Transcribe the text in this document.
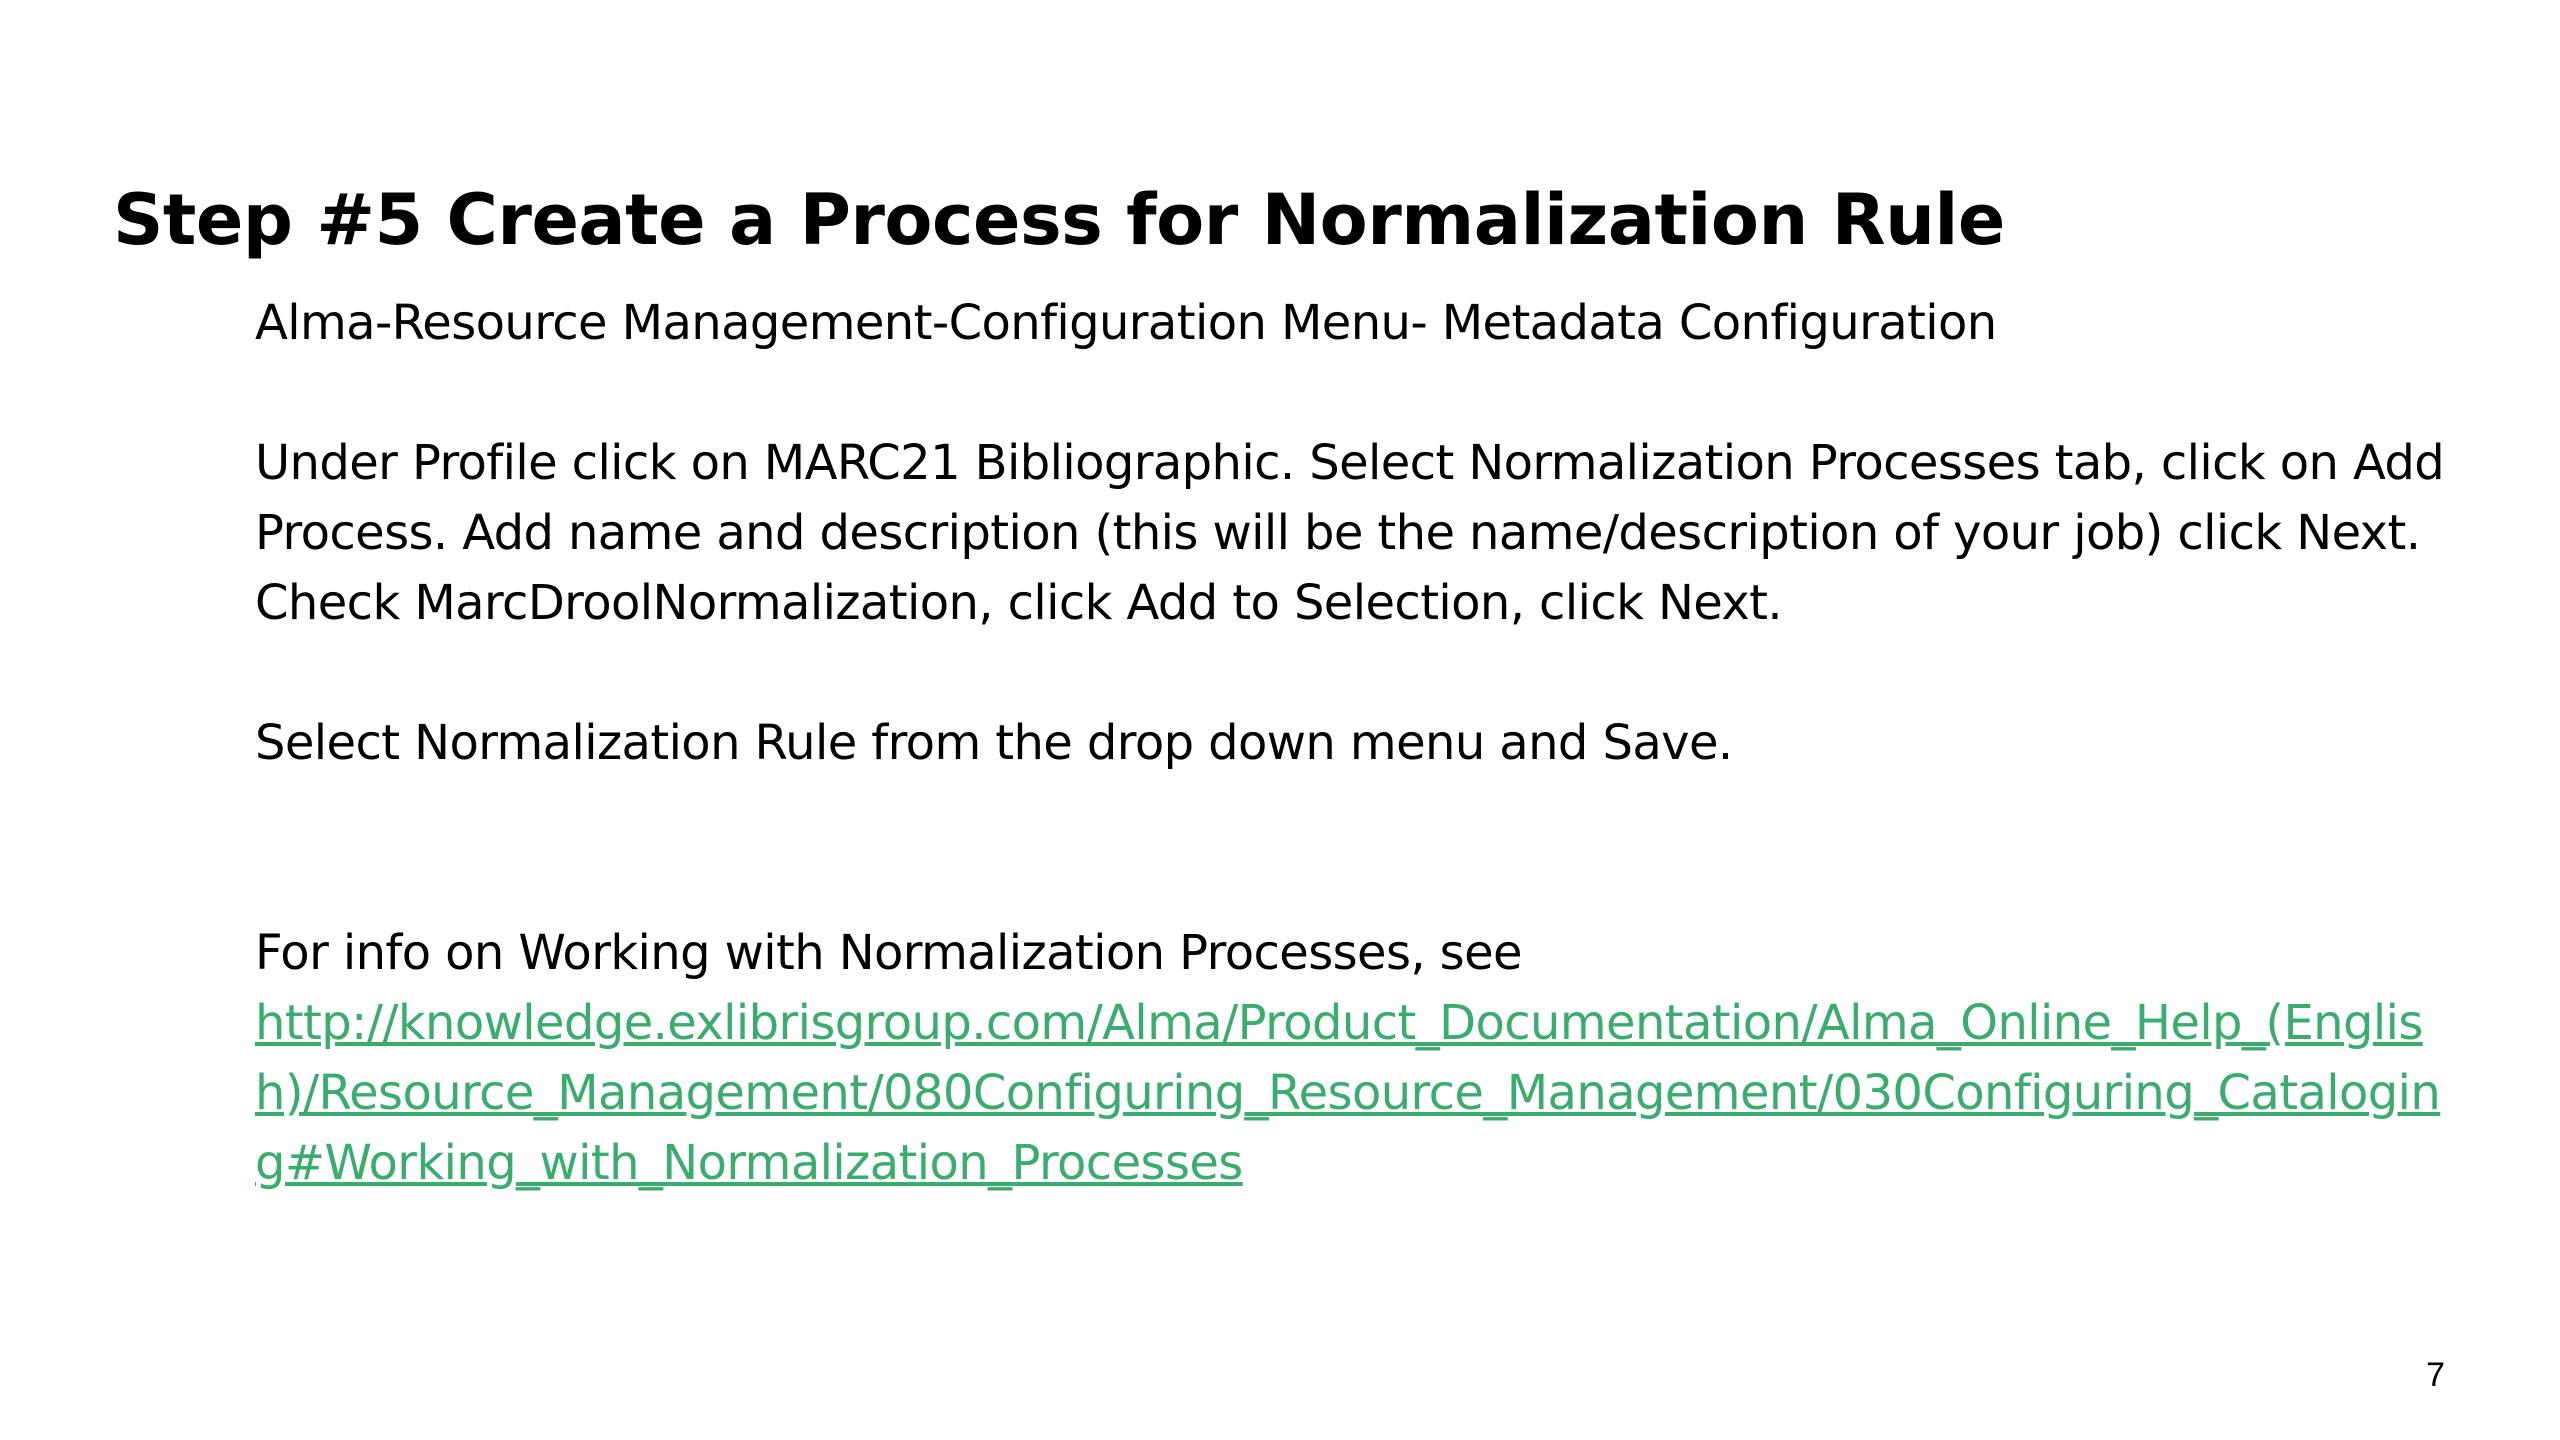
Step #5 Create a Process for Normalization Rule

Alma-Resource Management-Configuration Menu- Metadata Configuration

Under Profile click on MARC21 Bibliographic. Select Normalization Processes tab, click on Add Process. Add name and description (this will be the name/description of your job) click Next. Check MarcDroolNormalization, click Add to Selection, click Next.

Select Normalization Rule from the drop down menu and Save.

For info on Working with Normalization Processes, see

http://knowledge.exlibrisgroup.com/Alma/Product_Documentation/Alma_Online_Help_(English)/Resource_Management/080Configuring_Resource_Management/030Configuring_Cataloging#Working_with_Normalization_Processes
7
